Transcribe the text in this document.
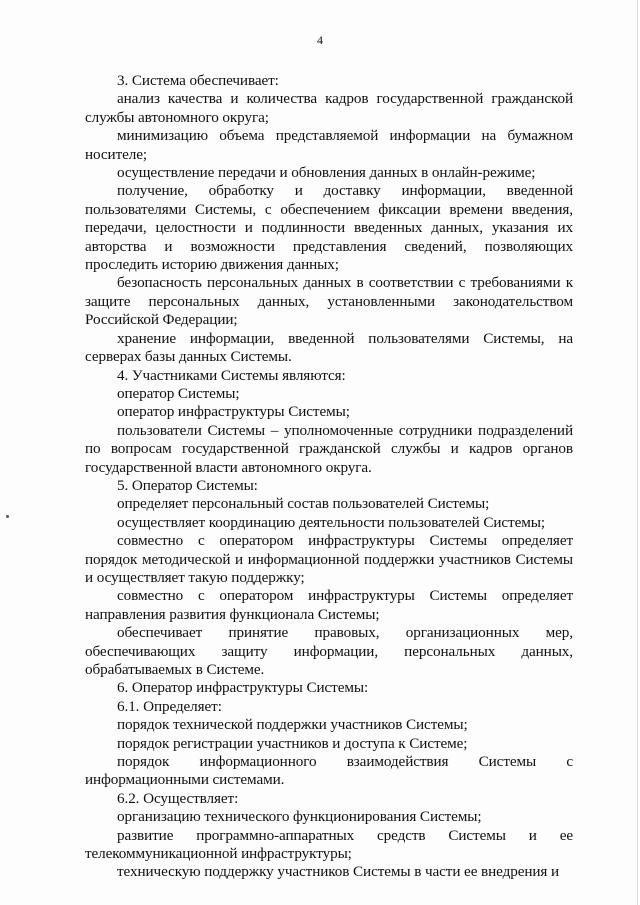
4

3. Система обеспечивает:

анализ качества и количества кадров государственной гражданской службы автономного округа;

минимизацию объема представляемой информации на бумажном носителе;

осуществление передачи и обновления данных в онлайн-режиме;

получение, обработку и доставку информации, введенной пользователями Системы, с обеспечением фиксации времени введения, передачи, целостности и подлинности введенных данных, указания их авторства и возможности представления сведений, позволяющих проследить историю движения данных;

безопасность персональных данных в соответствии с требованиями к защите персональных данных, установленными законодательством Российской Федерации;

хранение информации, введенной пользователями Системы, на серверах базы данных Системы.

4. Участниками Системы являются:

оператор Системы;

оператор инфраструктуры Системы;

пользователи Системы – уполномоченные сотрудники подразделений по вопросам государственной гражданской службы и кадров органов государственной власти автономного округа.

5. Оператор Системы:

определяет персональный состав пользователей Системы;

осуществляет координацию деятельности пользователей Системы;

совместно с оператором инфраструктуры Системы определяет порядок методической и информационной поддержки участников Системы и осуществляет такую поддержку;

совместно с оператором инфраструктуры Системы определяет направления развития функционала Системы;

обеспечивает принятие правовых, организационных мер, обеспечивающих защиту информации, персональных данных, обрабатываемых в Системе.

6. Оператор инфраструктуры Системы:

6.1. Определяет:

порядок технической поддержки участников Системы;

порядок регистрации участников и доступа к Системе;

порядок информационного взаимодействия Системы с информационными системами.

6.2. Осуществляет:

организацию технического функционирования Системы;

развитие программно-аппаратных средств Системы и ее телекоммуникационной инфраструктуры;

техническую поддержку участников Системы в части ее внедрения и
